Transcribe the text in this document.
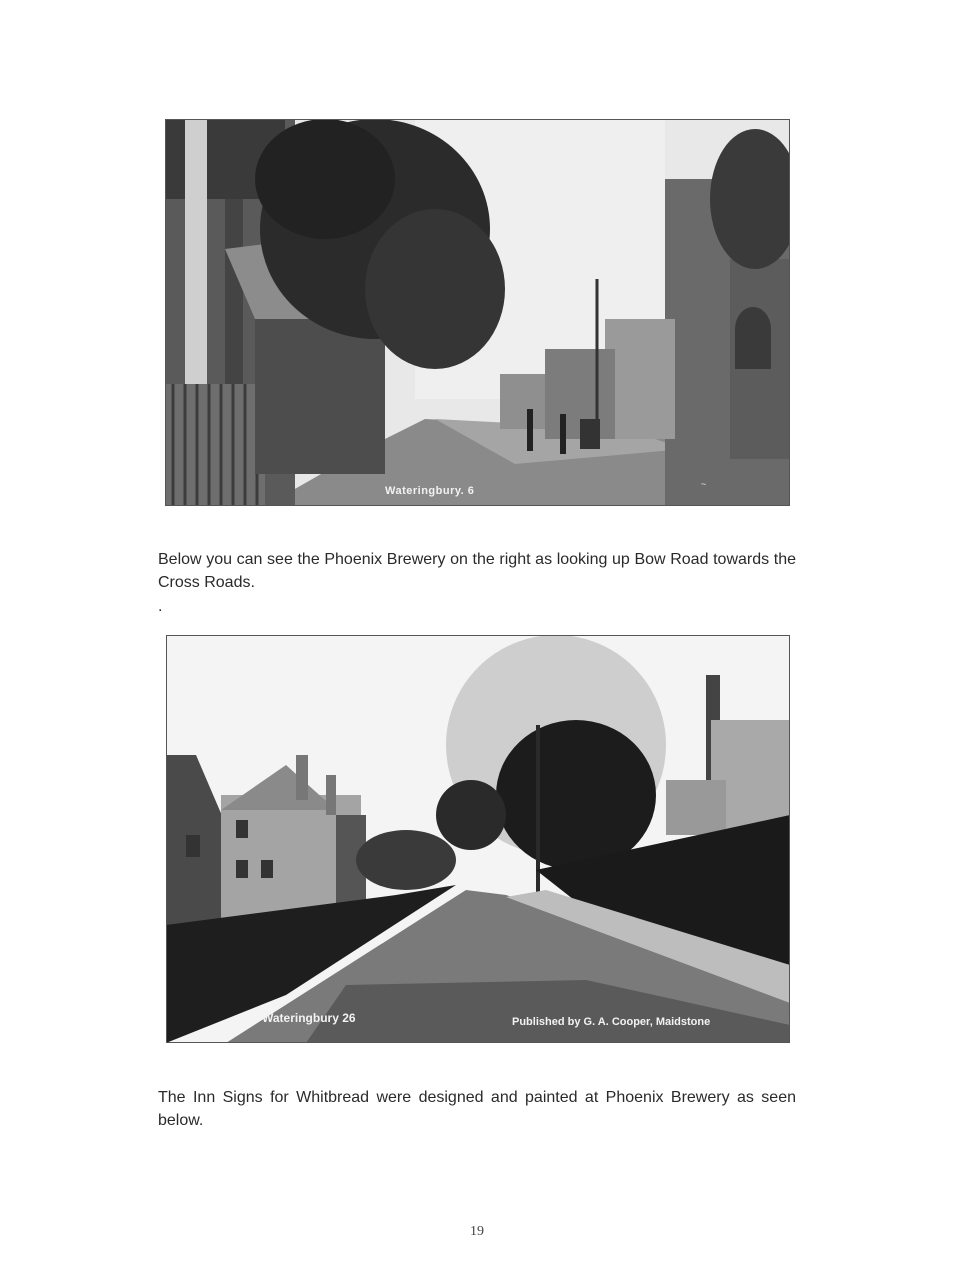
Wateringbury. 6
~

Below you can see the Phoenix Brewery on the right as looking up Bow Road towards the Cross Roads.

.
Wateringbury 26	Published by G. A. Cooper, Maidstone

The Inn Signs for Whitbread were designed and painted at Phoenix Brewery as seen below.

19
